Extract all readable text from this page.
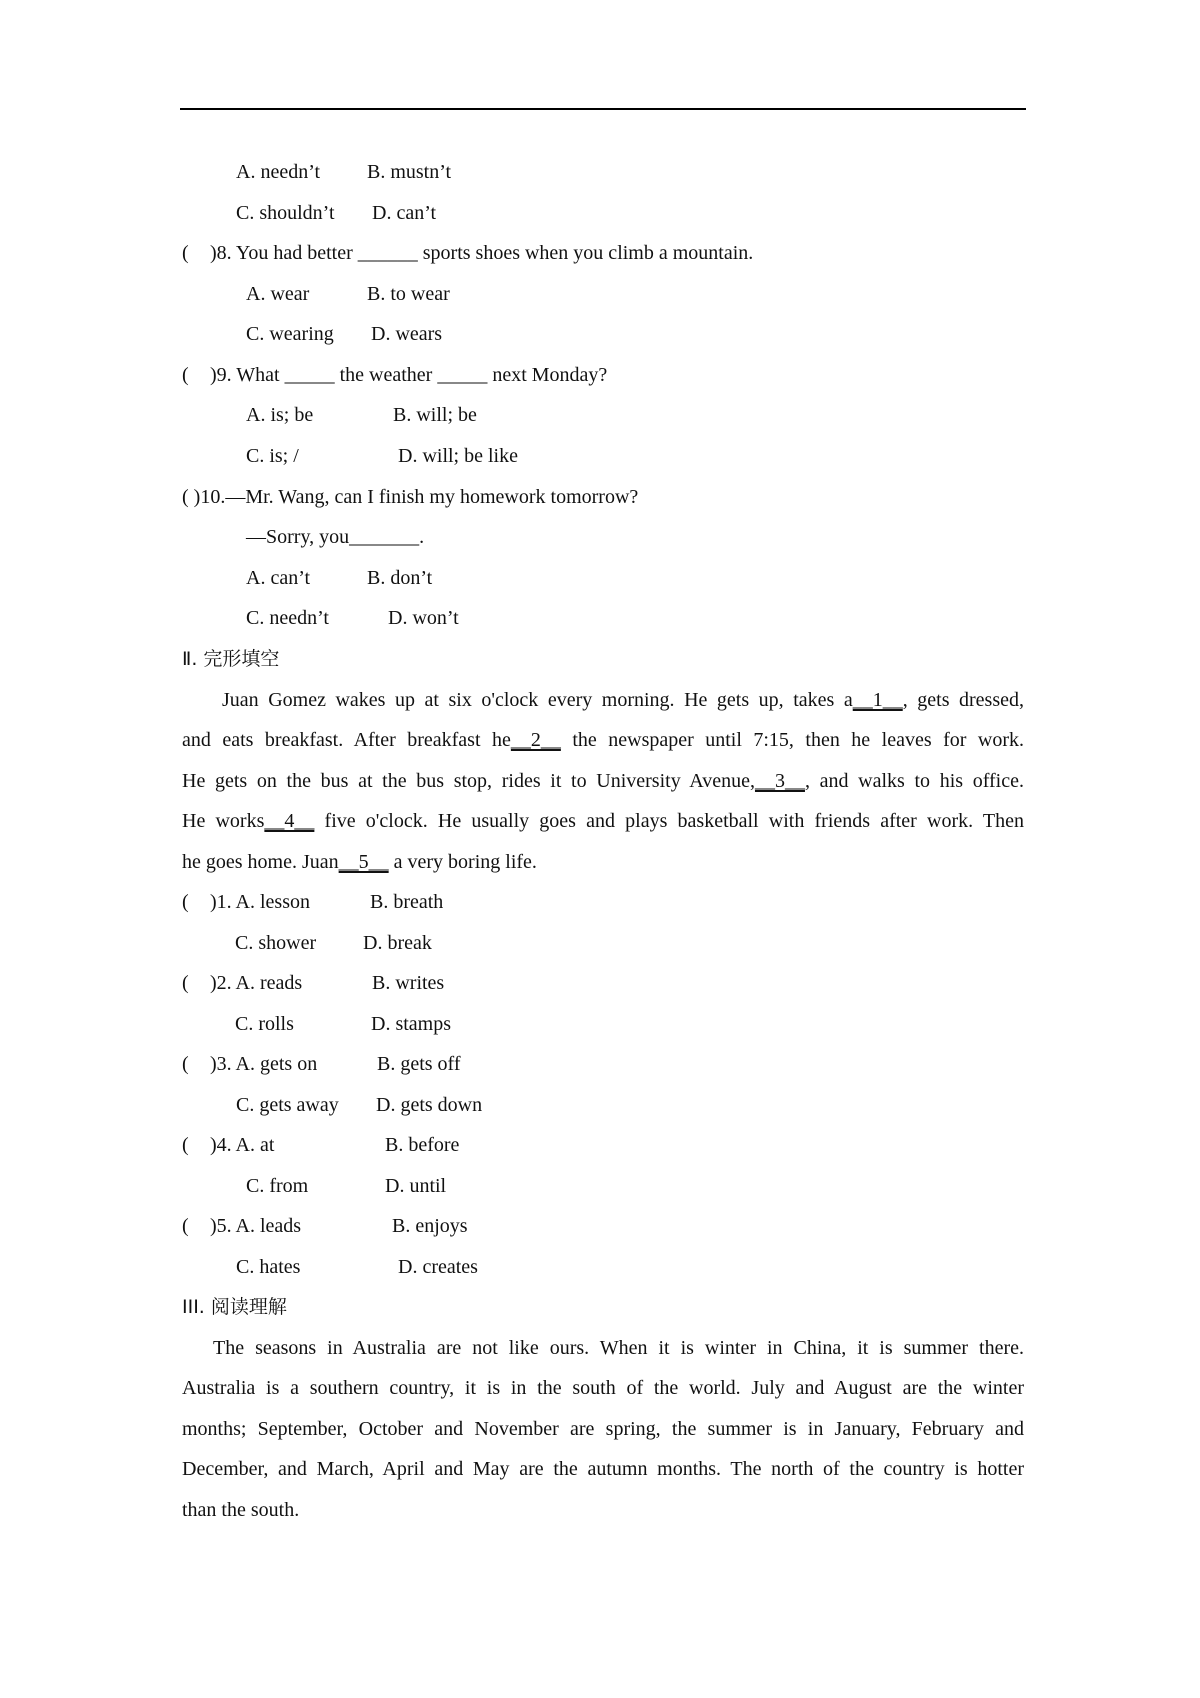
A. needn’t B. mustn’t
C. shouldn’t D. can’t
( )8. You had better ______ sports shoes when you climb a mountain.
A. wear	B. to wear
C. wearing D. wears
( )9. What _____ the weather _____ next Monday?
A. is; be	B. will; be
C. is; /	D. will; be like
( )10.—Mr. Wang, can I finish my homework tomorrow?
—Sorry, you_______.
A. can’t	B. don’t
C. needn’t	D. won’t
Ⅱ. 完形填空
Juan Gomez wakes up at six o'clock every morning. He gets up, takes a__1__, gets dressed,
and eats breakfast. After breakfast he__2__ the newspaper until 7:15, then he leaves for work.
He gets on the bus at the bus stop, rides it to University Avenue,__3__, and walks to his office.
He works__4__ five o'clock. He usually goes and plays basketball with friends after work. Then
he goes home. Juan__5__ a very boring life.
( )1. A. lesson	B. breath
C. shower D. break
( )2. A. reads	B. writes
C. rolls	D. stamps
( )3. A. gets on	B. gets off
C. gets away D. gets down
( )4. A. at	B. before
C. from	D. until
( )5. A. leads	B. enjoys
C. hates	D. creates
III. 阅读理解
The seasons in Australia are not like ours. When it is winter in China, it is summer there.
Australia is a southern country, it is in the south of the world. July and August are the winter
months; September, October and November are spring, the summer is in January, February and
December, and March, April and May are the autumn months. The north of the country is hotter
than the south.
